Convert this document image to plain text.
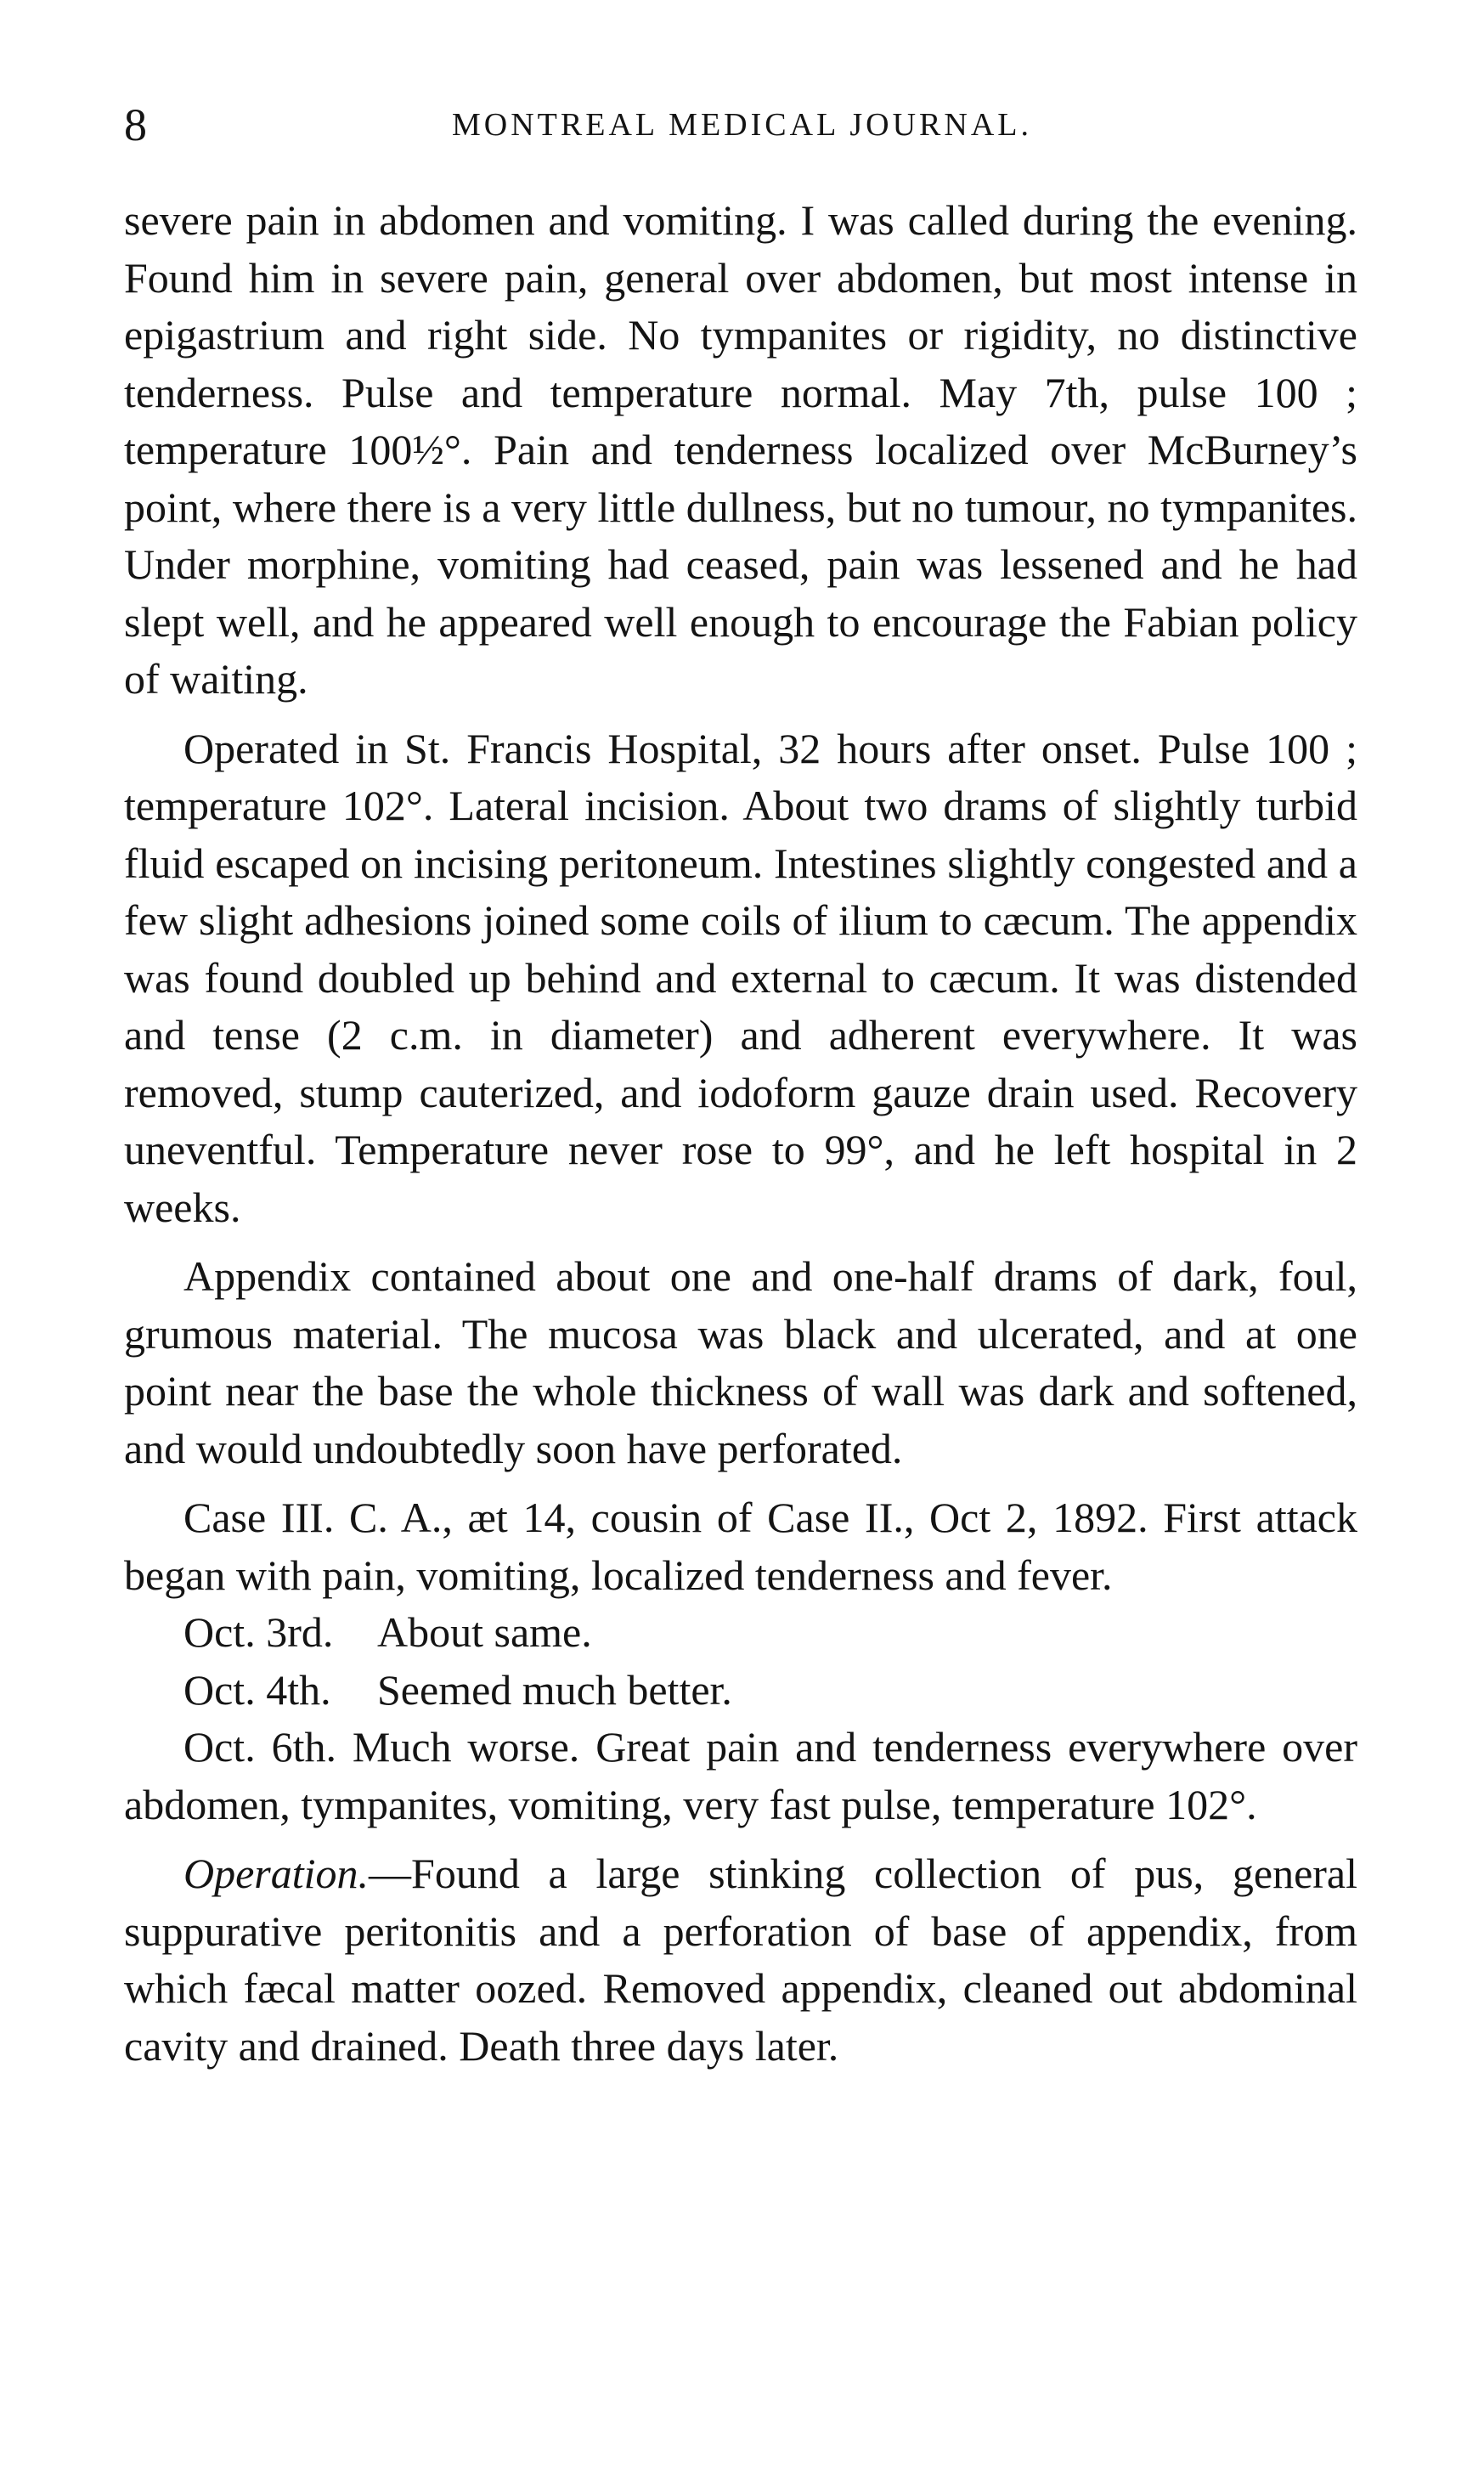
8	MONTREAL MEDICAL JOURNAL.

severe pain in abdomen and vomiting. I was called during the evening. Found him in severe pain, general over abdomen, but most intense in epigastrium and right side. No tympanites or rigidity, no distinctive tenderness. Pulse and temperature normal. May 7th, pulse 100 ; temperature 100½°. Pain and tenderness localized over McBurney’s point, where there is a very little dullness, but no tumour, no tympanites. Under morphine, vomiting had ceased, pain was lessened and he had slept well, and he appeared well enough to encourage the Fabian policy of waiting.

Operated in St. Francis Hospital, 32 hours after onset. Pulse 100 ; temperature 102°. Lateral incision. About two drams of slightly turbid fluid escaped on incising peritoneum. Intestines slightly congested and a few slight adhesions joined some coils of ilium to cæcum. The appendix was found doubled up behind and external to cæcum. It was distended and tense (2 c.m. in diameter) and adherent everywhere. It was removed, stump cauterized, and iodoform gauze drain used. Recovery uneventful. Temperature never rose to 99°, and he left hospital in 2 weeks.

Appendix contained about one and one-half drams of dark, foul, grumous material. The mucosa was black and ulcerated, and at one point near the base the whole thickness of wall was dark and softened, and would undoubtedly soon have perforated.

Case III. C. A., æt 14, cousin of Case II., Oct 2, 1892. First attack began with pain, vomiting, localized tenderness and fever.

Oct. 3rd. About same.

Oct. 4th. Seemed much better.

Oct. 6th. Much worse. Great pain and tenderness everywhere over abdomen, tympanites, vomiting, very fast pulse, temperature 102°.

Operation.—Found a large stinking collection of pus, general suppurative peritonitis and a perforation of base of appendix, from which fæcal matter oozed. Removed appendix, cleaned out abdominal cavity and drained. Death three days later.
